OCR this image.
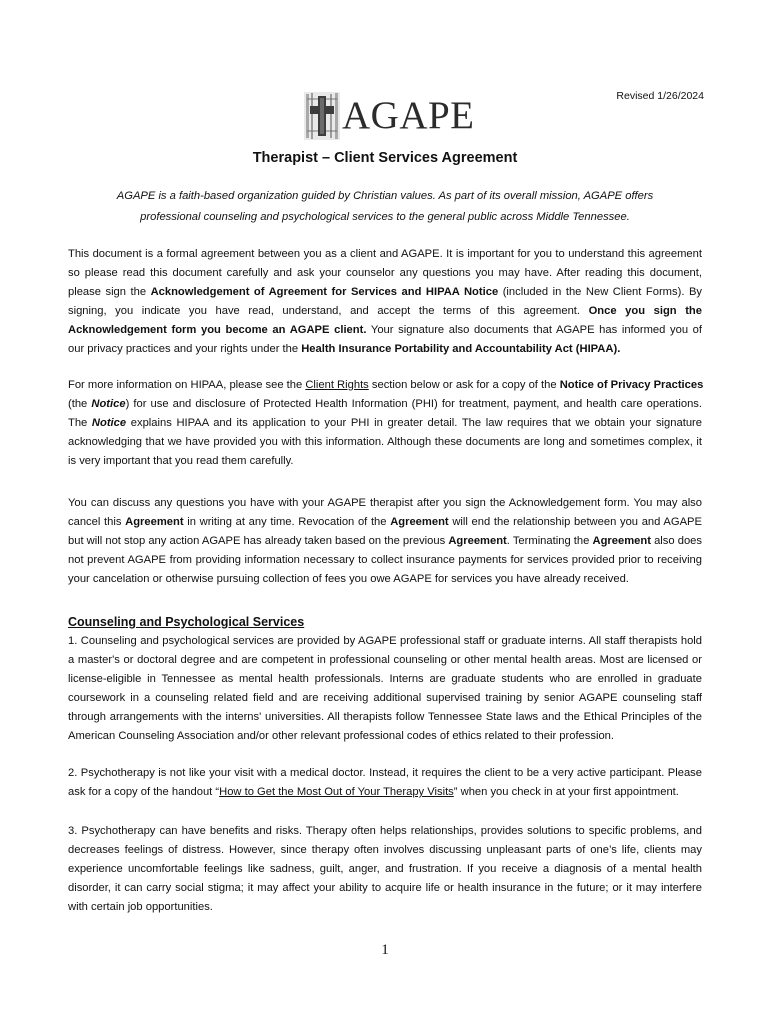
Revised 1/26/2024
AGAPE
Therapist – Client Services Agreement
AGAPE is a faith-based organization guided by Christian values. As part of its overall mission, AGAPE offers
professional counseling and psychological services to the general public across Middle Tennessee.
This document is a formal agreement between you as a client and AGAPE. It is important for you to understand this agreement
so please read this document carefully and ask your counselor any questions you may have. After reading this document,
please sign the Acknowledgement of Agreement for Services and HIPAA Notice (included in the New Client Forms). By
signing, you indicate you have read, understand, and accept the terms of this agreement. Once you sign the
Acknowledgement form you become an AGAPE client. Your signature also documents that AGAPE has informed you of
our privacy practices and your rights under the Health Insurance Portability and Accountability Act (HIPAA).
For more information on HIPAA, please see the Client Rights section below or ask for a copy of the Notice of Privacy Practices
(the Notice) for use and disclosure of Protected Health Information (PHI) for treatment, payment, and health care operations.
The Notice explains HIPAA and its application to your PHI in greater detail. The law requires that we obtain your signature
acknowledging that we have provided you with this information. Although these documents are long and sometimes complex, it
is very important that you read them carefully.
You can discuss any questions you have with your AGAPE therapist after you sign the Acknowledgement form. You may also
cancel this Agreement in writing at any time. Revocation of the Agreement will end the relationship between you and AGAPE
but will not stop any action AGAPE has already taken based on the previous Agreement. Terminating the Agreement also does
not prevent AGAPE from providing information necessary to collect insurance payments for services provided prior to receiving
your cancelation or otherwise pursuing collection of fees you owe AGAPE for services you have already received.
Counseling and Psychological Services
1. Counseling and psychological services are provided by AGAPE professional staff or graduate interns. All staff therapists hold
a master's or doctoral degree and are competent in professional counseling or other mental health areas. Most are licensed or
license-eligible in Tennessee as mental health professionals. Interns are graduate students who are enrolled in graduate
coursework in a counseling related field and are receiving additional supervised training by senior AGAPE counseling staff
through arrangements with the interns' universities. All therapists follow Tennessee State laws and the Ethical Principles of the
American Counseling Association and/or other relevant professional codes of ethics related to their profession.
2. Psychotherapy is not like your visit with a medical doctor. Instead, it requires the client to be a very active participant. Please
ask for a copy of the handout “How to Get the Most Out of Your Therapy Visits” when you check in at your first appointment.
3. Psychotherapy can have benefits and risks. Therapy often helps relationships, provides solutions to specific problems, and
decreases feelings of distress. However, since therapy often involves discussing unpleasant parts of one’s life, clients may
experience uncomfortable feelings like sadness, guilt, anger, and frustration. If you receive a diagnosis of a mental health
disorder, it can carry social stigma; it may affect your ability to acquire life or health insurance in the future; or it may interfere
with certain job opportunities.
1
